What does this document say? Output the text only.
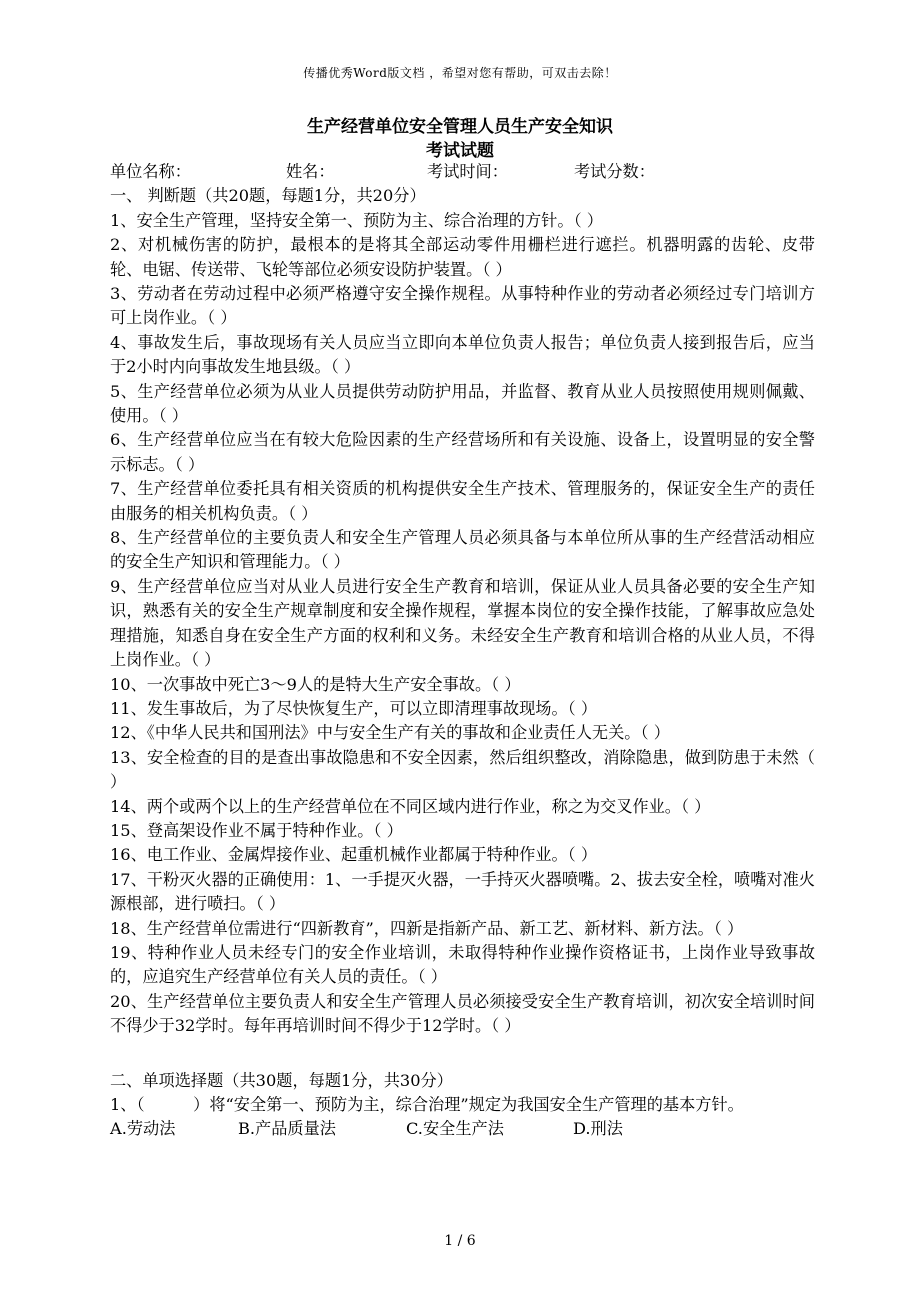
传播优秀Word版文档 ，希望对您有帮助，可双击去除！
生产经营单位安全管理人员生产安全知识
考试试题
单位名称：	姓名：	考试时间：	考试分数：

一、 判断题（共20题，每题1分，共20分）

1、安全生产管理，坚持安全第一、预防为主、综合治理的方针。（ ）

2、对机械伤害的防护，最根本的是将其全部运动零件用栅栏进行遮拦。机器明露的齿轮、皮带轮、电锯、传送带、飞轮等部位必须安设防护装置。（ ）

3、劳动者在劳动过程中必须严格遵守安全操作规程。从事特种作业的劳动者必须经过专门培训方可上岗作业。（ ）

4、事故发生后，事故现场有关人员应当立即向本单位负责人报告；单位负责人接到报告后，应当于2小时内向事故发生地县级。（ ）

5、生产经营单位必须为从业人员提供劳动防护用品，并监督、教育从业人员按照使用规则佩戴、使用。（ ）

6、生产经营单位应当在有较大危险因素的生产经营场所和有关设施、设备上，设置明显的安全警示标志。（ ）

7、生产经营单位委托具有相关资质的机构提供安全生产技术、管理服务的，保证安全生产的责任由服务的相关机构负责。（ ）

8、生产经营单位的主要负责人和安全生产管理人员必须具备与本单位所从事的生产经营活动相应的安全生产知识和管理能力。（ ）

9、生产经营单位应当对从业人员进行安全生产教育和培训，保证从业人员具备必要的安全生产知识，熟悉有关的安全生产规章制度和安全操作规程，掌握本岗位的安全操作技能，了解事故应急处理措施，知悉自身在安全生产方面的权利和义务。未经安全生产教育和培训合格的从业人员，不得上岗作业。（ ）

10、一次事故中死亡3～9人的是特大生产安全事故。（ ）

11、发生事故后，为了尽快恢复生产，可以立即清理事故现场。（ ）

12、《中华人民共和国刑法》中与安全生产有关的事故和企业责任人无关。（ ）

13、安全检查的目的是查出事故隐患和不安全因素，然后组织整改，消除隐患，做到防患于未然（ ）

14、两个或两个以上的生产经营单位在不同区域内进行作业，称之为交叉作业。（ ）

15、登高架设作业不属于特种作业。（ ）

16、电工作业、金属焊接作业、起重机械作业都属于特种作业。（ ）

17、干粉灭火器的正确使用：1、一手提灭火器，一手持灭火器喷嘴。2、拔去安全栓，喷嘴对准火源根部，进行喷扫。（ ）

18、生产经营单位需进行“四新教育”，四新是指新产品、新工艺、新材料、新方法。（ ）

19、特种作业人员未经专门的安全作业培训，未取得特种作业操作资格证书，上岗作业导致事故的，应追究生产经营单位有关人员的责任。（ ）

20、生产经营单位主要负责人和安全生产管理人员必须接受安全生产教育培训，初次安全培训时间不得少于32学时。每年再培训时间不得少于12学时。（ ）

二、单项选择题（共30题，每题1分，共30分）

1、（　　　）将“安全第一、预防为主，综合治理”规定为我国安全生产管理的基本方针。

A.劳动法	B.产品质量法	C.安全生产法	D.刑法
1 / 6
